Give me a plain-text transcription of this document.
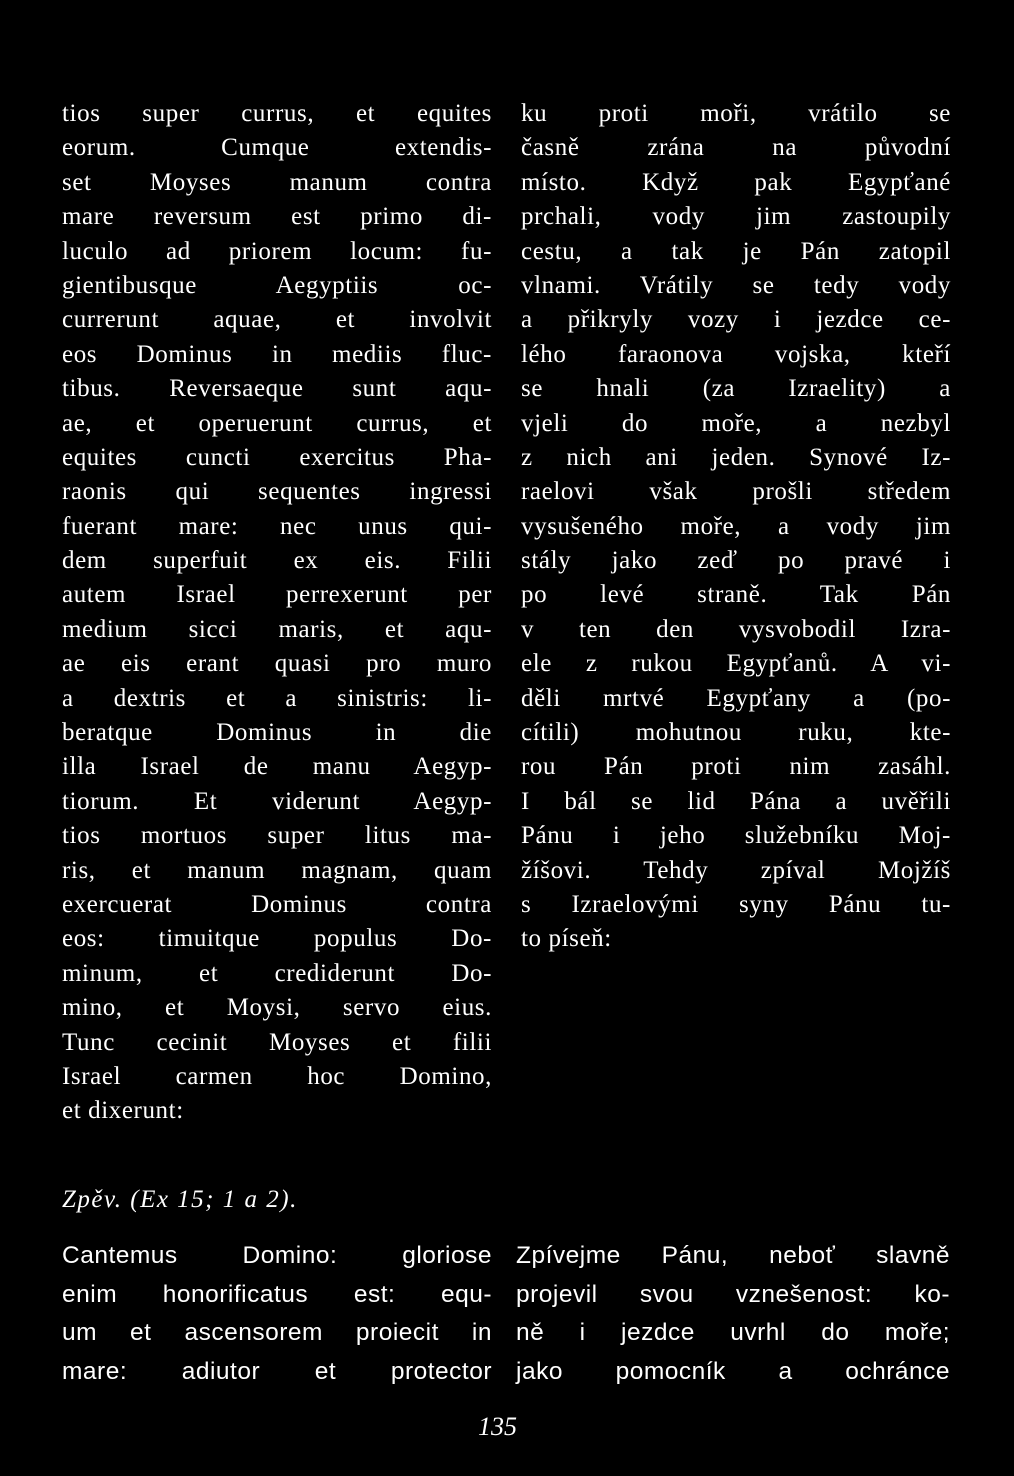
tios super currus, et equites
eorum. Cumque extendis-
set Moyses manum contra
mare reversum est primo di-
luculo ad priorem locum: fu-
gientibusque Aegyptiis oc-
currerunt aquae, et involvit
eos Dominus in mediis fluc-
tibus. Reversaeque sunt aqu-
ae, et operuerunt currus, et
equites cuncti exercitus Pha-
raonis qui sequentes ingressi
fuerant mare: nec unus qui-
dem superfuit ex eis. Filii
autem Israel perrexerunt per
medium sicci maris, et aqu-
ae eis erant quasi pro muro
a dextris et a sinistris: li-
beratque Dominus in die
illa Israel de manu Aegyp-
tiorum. Et viderunt Aegyp-
tios mortuos super litus ma-
ris, et manum magnam, quam
exercuerat Dominus contra
eos: timuitque populus Do-
minum, et crediderunt Do-
mino, et Moysi, servo eius.
Tunc cecinit Moyses et filii
Israel carmen hoc Domino,
et dixerunt:
ku proti moři, vrátilo se
časně zrána na původní
místo. Když pak Egypťané
prchali, vody jim zastoupily
cestu, a tak je Pán zatopil
vlnami. Vrátily se tedy vody
a přikryly vozy i jezdce ce-
lého faraonova vojska, kteří
se hnali (za Izraelity) a
vjeli do moře, a nezbyl
z nich ani jeden. Synové Iz-
raelovi však prošli středem
vysušeného moře, a vody jim
stály jako zeď po pravé i
po levé straně. Tak Pán
v ten den vysvobodil Izra-
ele z rukou Egypťanů. A vi-
děli mrtvé Egypťany a (po-
cítili) mohutnou ruku, kte-
rou Pán proti nim zasáhl.
I bál se lid Pána a uvěřili
Pánu i jeho služebníku Moj-
žíšovi. Tehdy zpíval Mojžíš
s Izraelovými syny Pánu tu-
to píseň:
Zpěv. (Ex 15; 1 a 2).
Cantemus Domino: gloriose
enim honorificatus est: equ-
um et ascensorem proiecit in
mare: adiutor et protector
Zpívejme Pánu, neboť slavně
projevil svou vznešenost: ko-
ně i jezdce uvrhl do moře;
jako pomocník a ochránce
135
